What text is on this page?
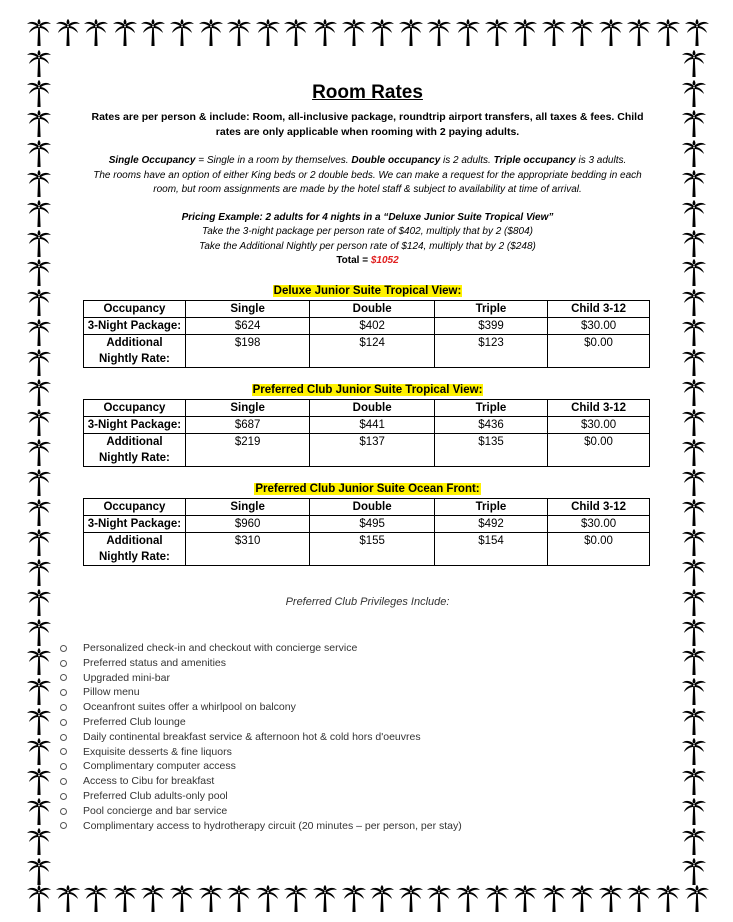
Room Rates

Rates are per person & include: Room, all-inclusive package, roundtrip airport transfers, all taxes & fees. Child rates are only applicable when rooming with 2 paying adults.

Single Occupancy = Single in a room by themselves. Double occupancy is 2 adults. Triple occupancy is 3 adults.
The rooms have an option of either King beds or 2 double beds. We can make a request for the appropriate bedding in each room, but room assignments are made by the hotel staff & subject to availability at time of arrival.

Pricing Example: 2 adults for 4 nights in a “Deluxe Junior Suite Tropical View”
Take the 3-night package per person rate of $402, multiply that by 2 ($804)
Take the Additional Nightly per person rate of $124, multiply that by 2 ($248)
Total = $1052

Deluxe Junior Suite Tropical View:
Occupancy	Single	Double	Triple	Child 3-12
3-Night Package:	$624	$402	$399	$30.00
Additional Nightly Rate:	$198	$124	$123	$0.00
Preferred Club Junior Suite Tropical View:
Occupancy	Single	Double	Triple	Child 3-12
3-Night Package:	$687	$441	$436	$30.00
Additional Nightly Rate:	$219	$137	$135	$0.00
Preferred Club Junior Suite Ocean Front:
Occupancy	Single	Double	Triple	Child 3-12
3-Night Package:	$960	$495	$492	$30.00
Additional Nightly Rate:	$310	$155	$154	$0.00
Preferred Club Privileges Include:
Personalized check-in and checkout with concierge service
Preferred status and amenities
Upgraded mini-bar
Pillow menu
Oceanfront suites offer a whirlpool on balcony
Preferred Club lounge
Daily continental breakfast service & afternoon hot & cold hors d'oeuvres
Exquisite desserts & fine liquors
Complimentary computer access
Access to Cibu for breakfast
Preferred Club adults-only pool
Pool concierge and bar service
Complimentary access to hydrotherapy circuit (20 minutes – per person, per stay)
